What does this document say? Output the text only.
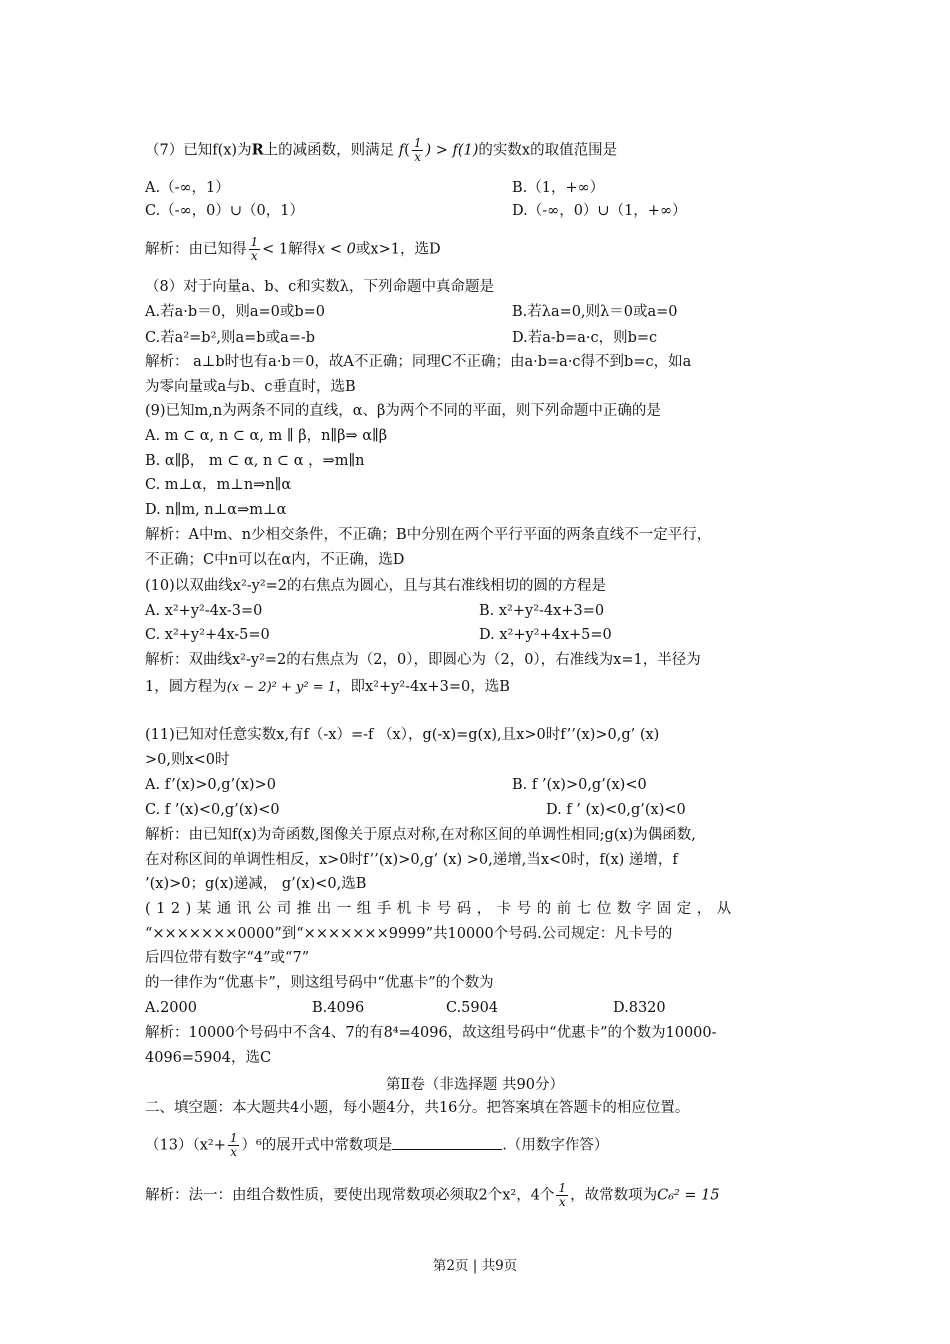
（7）已知f(x)为R上的减函数，则满足 $f( \frac{1}{x}$ ) > f(1)的实数x的取值范围是
A.（-∞，1）	B.（1，+∞）
C.（-∞，0）∪（0，1）	D.（-∞，0）∪（1，+∞）
解析：由已知得 $\frac{1}{x} < 1$解得x < 0或x>1，选D
（8）对于向量a、b、c和实数λ，下列命题中真命题是
A.若a·b＝0，则a=0或b=0	B.若λa=0,则λ＝0或a=0
C.若a²=b²,则a=b或a=-b	D.若a-b=a·c，则b=c
解析： a⊥b时也有a·b＝0，故A不正确；同理C不正确；由a·b=a·c得不到b=c，如a
为零向量或a与b、c垂直时，选B
(9)已知m,n为两条不同的直线，α、β为两个不同的平面，则下列命题中正确的是
A. m ⊂ α, n ⊂ α, m ∥ β，n∥β⇒ α∥β
B. α∥β， m ⊂ α, n ⊂ α ，⇒m∥n
C. m⊥α，m⊥n⇒n∥α
D. n∥m, n⊥α⇒m⊥α
解析：A中m、n少相交条件，不正确；B中分别在两个平行平面的两条直线不一定平行，
不正确；C中n可以在α内，不正确，选D
(10)以双曲线x²-y²=2的右焦点为圆心，且与其右准线相切的圆的方程是
A. x²+y²-4x-3=0	B. x²+y²-4x+3=0
C. x²+y²+4x-5=0	D. x²+y²+4x+5=0
解析：双曲线x²-y²=2的右焦点为（2，0），即圆心为（2，0），右准线为x=1，半径为
1，圆方程为(x − 2)² + y² = 1，即x²+y²-4x+3=0，选B
(11)已知对任意实数x,有f（-x）=-f （x），g(-x)=g(x),且x>0时f’’(x)>0,g’ (x)
>0,则x<0时
A. f’(x)>0,g’(x)>0	B. f ’(x)>0,g’(x)<0
C. f ’(x)<0,g’(x)<0	D. f ’ (x)<0,g’(x)<0
解析：由已知f(x)为奇函数,图像关于原点对称,在对称区间的单调性相同;g(x)为偶函数,
在对称区间的单调性相反，x>0时f’’(x)>0,g’ (x) >0,递增,当x<0时，f(x) 递增，f
’(x)>0；g(x)递减， g’(x)<0,选B
(12)某通讯公司推出一组手机卡号码，卡号的前七位数字固定，从
“×××××××0000”到“×××××××9999”共10000个号码.公司规定：凡卡号的
后四位带有数字“4”或“7”
的一律作为“优惠卡”，则这组号码中“优惠卡”的个数为
A.2000	B.4096	C.5904	D.8320
解析：10000个号码中不含4、7的有8⁴=4096，故这组号码中“优惠卡”的个数为10000-
4096=5904，选C
第Ⅱ卷（非选择题 共90分）
二、填空题：本大题共4小题，每小题4分，共16分。把答案填在答题卡的相应位置。
$(13)(x^2+ \frac{1}{x} )^6$的展开式中常数项是	.（用数字作答）
解析：法一：由组合数性质，要使出现常数项必须取2个x²，4个 $\frac{1}{x}$ ，故常数项为C₆² = 15
第2页 | 共9页
